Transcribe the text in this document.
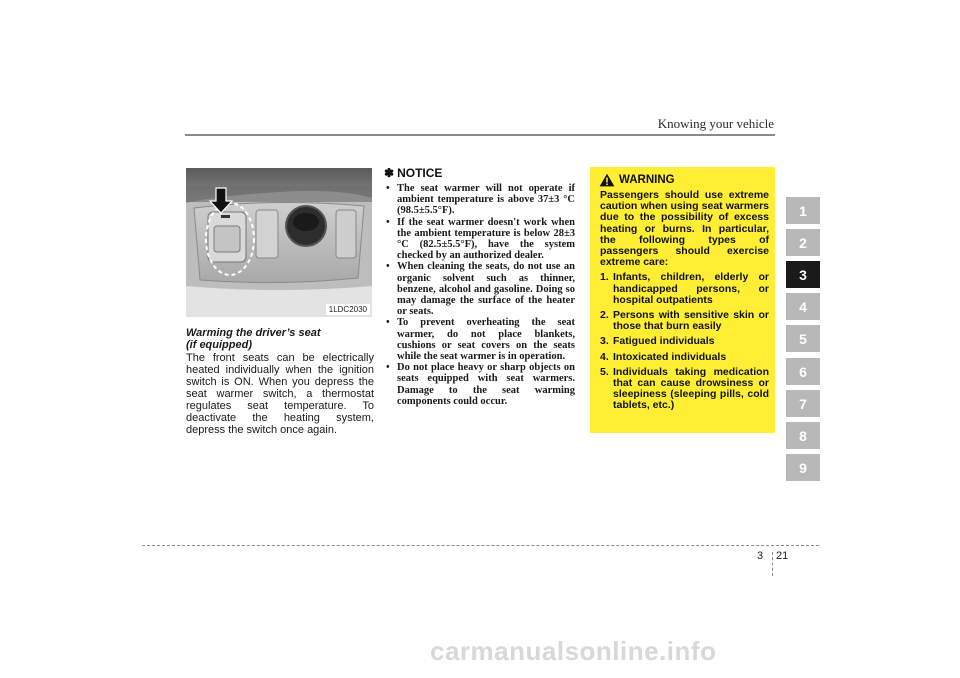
Knowing your vehicle
1LDC2030
Warming the driver’s seat
(if equipped)
The front seats can be electrically heated individually when the ignition switch is ON. When you depress the seat warmer switch, a thermostat regulates seat temperature. To deactivate the heating system, depress the switch once again.
✽ NOTICE
• The seat warmer will not operate if ambient temperature is above 37±3 °C (98.5±5.5°F).
• If the seat warmer doesn't work when the ambient temperature is below 28±3 °C (82.5±5.5°F), have the system checked by an authorized dealer.
• When cleaning the seats, do not use an organic solvent such as thinner, benzene, alcohol and gasoline. Doing so may damage the surface of the heater or seats.
• To prevent overheating the seat warmer, do not place blankets, cushions or seat covers on the seats while the seat warmer is in operation.
• Do not place heavy or sharp objects on seats equipped with seat warmers. Damage to the seat warming components could occur.
WARNING
Passengers should use extreme caution when using seat warmers due to the possibility of excess heating or burns. In particular, the following types of passengers should exercise extreme care:
1. Infants, children, elderly or handicapped persons, or hospital outpatients
2. Persons with sensitive skin or those that burn easily
3. Fatigued individuals
4. Intoxicated individuals
5. Individuals taking medication that can cause drowsiness or sleepiness (sleeping pills, cold tablets, etc.)
1
2
3
4
5
6
7
8
9
3 21
carmanualsonline.info
